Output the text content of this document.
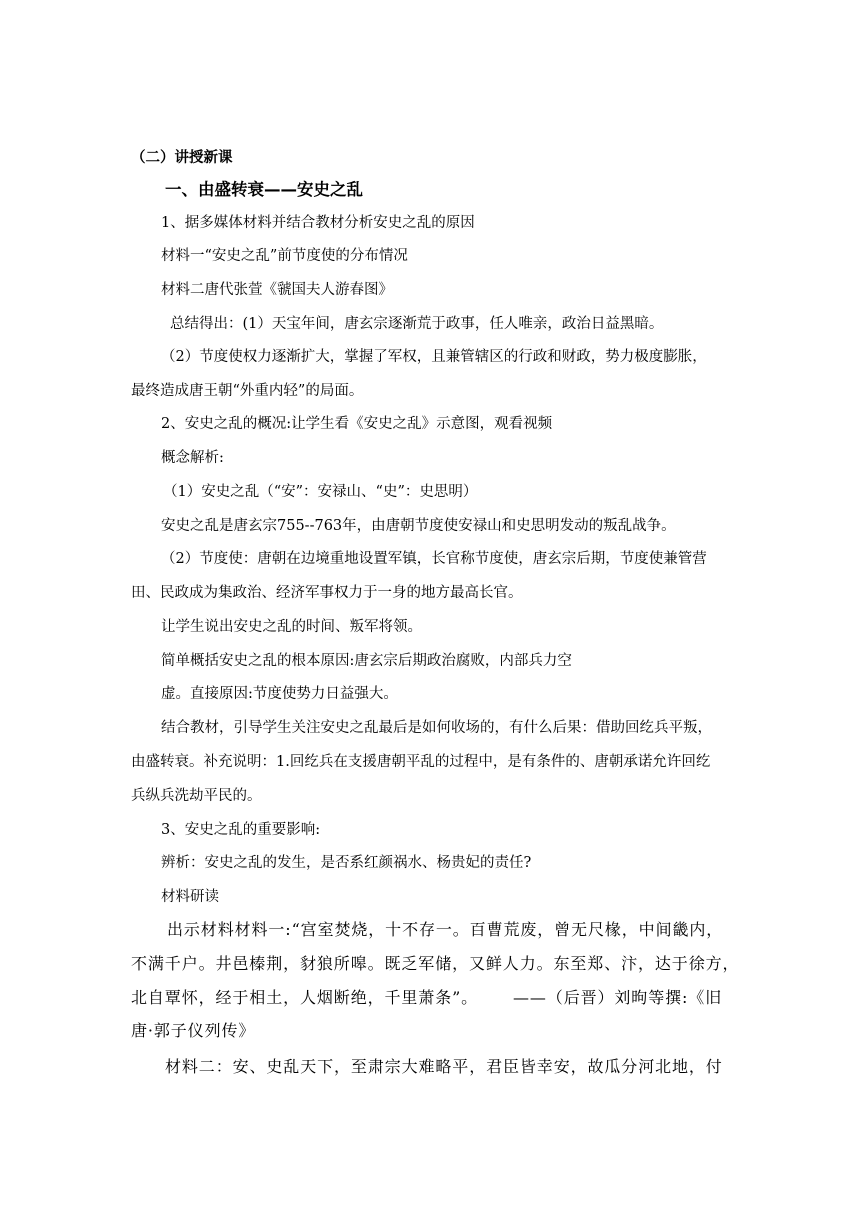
（二）讲授新课
一、由盛转衰——安史之乱
1、据多媒体材料并结合教材分析安史之乱的原因
材料一“安史之乱”前节度使的分布情况
材料二唐代张萱《虢国夫人游春图》
总结得出：(1）天宝年间，唐玄宗逐渐荒于政事，任人唯亲，政治日益黑暗。
（2）节度使权力逐渐扩大，掌握了军权，且兼管辖区的行政和财政，势力极度膨胀，
最终造成唐王朝“外重内轻”的局面。
2、安史之乱的概况:让学生看《安史之乱》示意图，观看视频
概念解析:
（1）安史之乱（“安”：安禄山、“史”：史思明）
安史之乱是唐玄宗755--763年，由唐朝节度使安禄山和史思明发动的叛乱战争。
（2）节度使：唐朝在边境重地设置军镇，长官称节度使，唐玄宗后期，节度使兼管营
田、民政成为集政治、经济军事权力于一身的地方最高长官。
让学生说出安史之乱的时间、叛军将领。
简单概括安史之乱的根本原因:唐玄宗后期政治腐败，内部兵力空
虚。直接原因:节度使势力日益强大。
结合教材，引导学生关注安史之乱最后是如何收场的，有什么后果：借助回纥兵平叛，
由盛转衰。补充说明：1.回纥兵在支援唐朝平乱的过程中，是有条件的、唐朝承诺允许回纥
兵纵兵洗劫平民的。
3、安史之乱的重要影响:
辨析：安史之乱的发生，是否系红颜祸水、杨贵妃的责任?
材料研读
出示材料材料一:“宫室焚烧，十不存一。百曹荒废，曾无尺椽，中间畿内，
不满千户。井邑榛荆，豺狼所嗥。既乏军储，又鲜人力。东至郑、汴，达于徐方，
北自覃怀，经于相土，人烟断绝，千里萧条”。 ——（后晋）刘昫等撰:《旧
唐·郭子仪列传》
材料二：安、史乱天下，至肃宗大难略平，君臣皆幸安，故瓜分河北地，付
